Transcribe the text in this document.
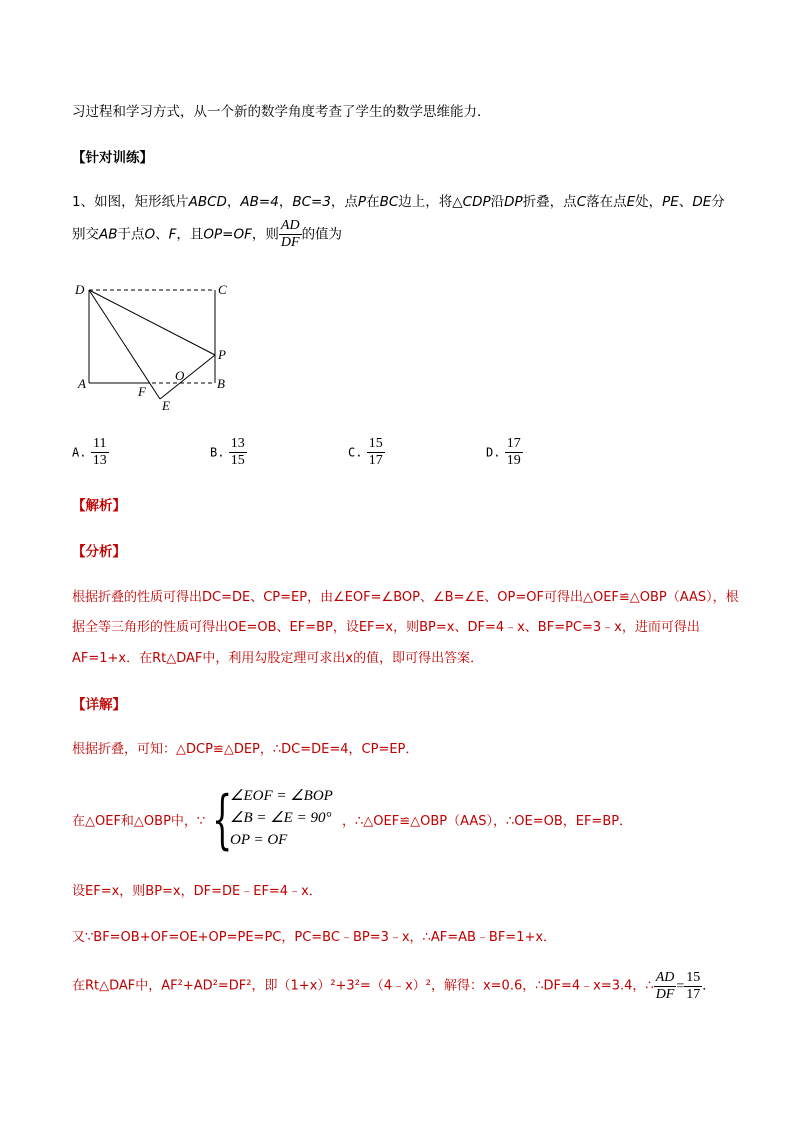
习过程和学习方式，从一个新的数学角度考查了学生的数学思维能力．
【针对训练】
1、如图，矩形纸片ABCD，AB=4，BC=3，点P在BC边上，将△CDP沿DP折叠，点C落在点E处，PE、DE分
别交AB于点O、F，且OP=OF，则 $\frac{AD}{DF}$ 的值为
D	C
P
A	B
F
O
E
A. $\frac{11}{13}$	B. $\frac{13}{15}$	C. $\frac{15}{17}$	D. $\frac{17}{19}$
【解析】
【分析】
根据折叠的性质可得出DC=DE、CP=EP，由∠EOF=∠BOP、∠B=∠E、OP=OF可得出△OEF≌△OBP（AAS），根
据全等三角形的性质可得出OE=OB、EF=BP，设EF=x，则BP=x、DF=4﹣x、BF=PC=3﹣x，进而可得出
AF=1+x．在Rt△DAF中，利用勾股定理可求出x的值，即可得出答案．
【详解】
根据折叠，可知：△DCP≌△DEP，∴DC=DE=4，CP=EP．
在△OEF和△OBP中，∵ {
∠EOF = ∠BOP
∠B = ∠E = 90°
OP = OF
，∴△OEF≌△OBP（AAS），∴OE=OB，EF=BP．
设EF=x，则BP=x，DF=DE﹣EF=4﹣x．
又∵BF=OB+OF=OE+OP=PE=PC，PC=BC﹣BP=3﹣x，∴AF=AB﹣BF=1+x．
在Rt△DAF中，AF²+AD²=DF²，即（1+x）²+3²=（4﹣x）²，解得：x=0.6，∴DF=4﹣x=3.4，∴ $\frac{AD}{DF} = \frac{15}{17}$ ．
